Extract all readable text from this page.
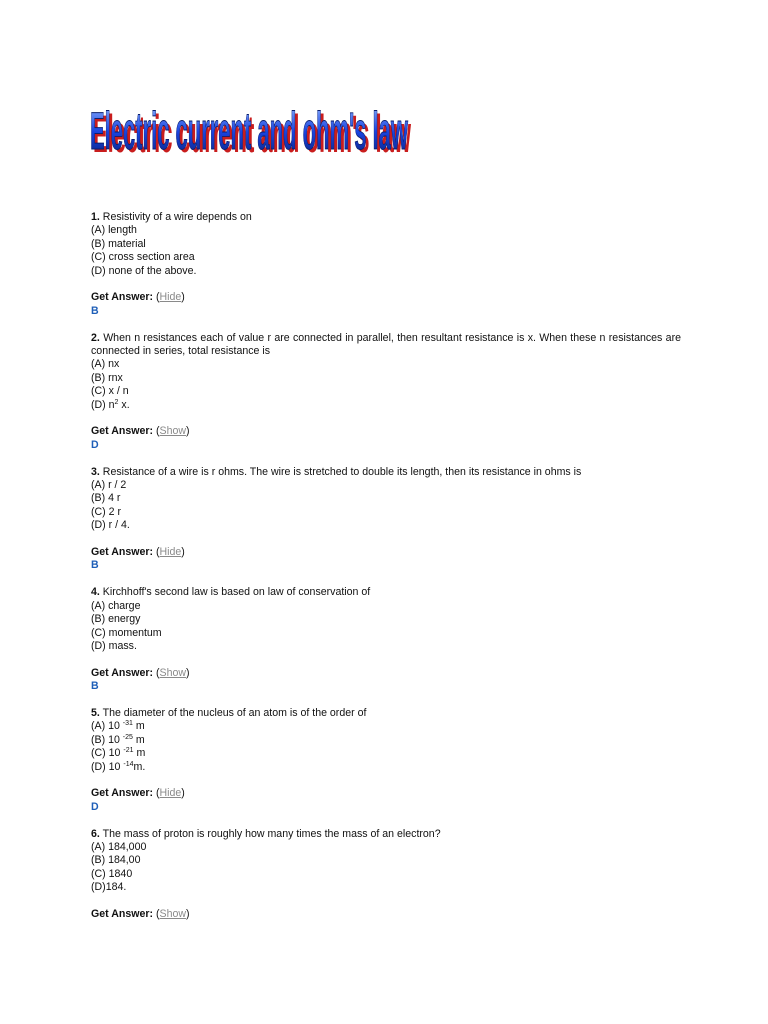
Electric current and ohm's law
Electric current and ohm's law
1. Resistivity of a wire depends on
(A) length
(B) material
(C) cross section area
(D) none of the above.
Get Answer: (Hide)
B
2. When n resistances each of value r are connected in parallel, then resultant resistance is x. When these n resistances are connected in series, total resistance is
(A) nx
(B) rnx
(C) x / n
(D) $n^2$ x.
Get Answer: (Show)
D
3. Resistance of a wire is r ohms. The wire is stretched to double its length, then its resistance in ohms is
(A) r / 2
(B) 4 r
(C) 2 r
(D) r / 4.
Get Answer: (Hide)
B
4. Kirchhoff's second law is based on law of conservation of
(A) charge
(B) energy
(C) momentum
(D) mass.
Get Answer: (Show)
B
5. The diameter of the nucleus of an atom is of the order of
(A) 10 $^{-31}$ m
(B) 10 $^{-25}$ m
(C) 10 $^{-21}$ m
(D) 10 $^{-14}$m.
Get Answer: (Hide)
D
6. The mass of proton is roughly how many times the mass of an electron?
(A) 184,000
(B) 184,00
(C) 1840
(D)184.
Get Answer: (Show)
